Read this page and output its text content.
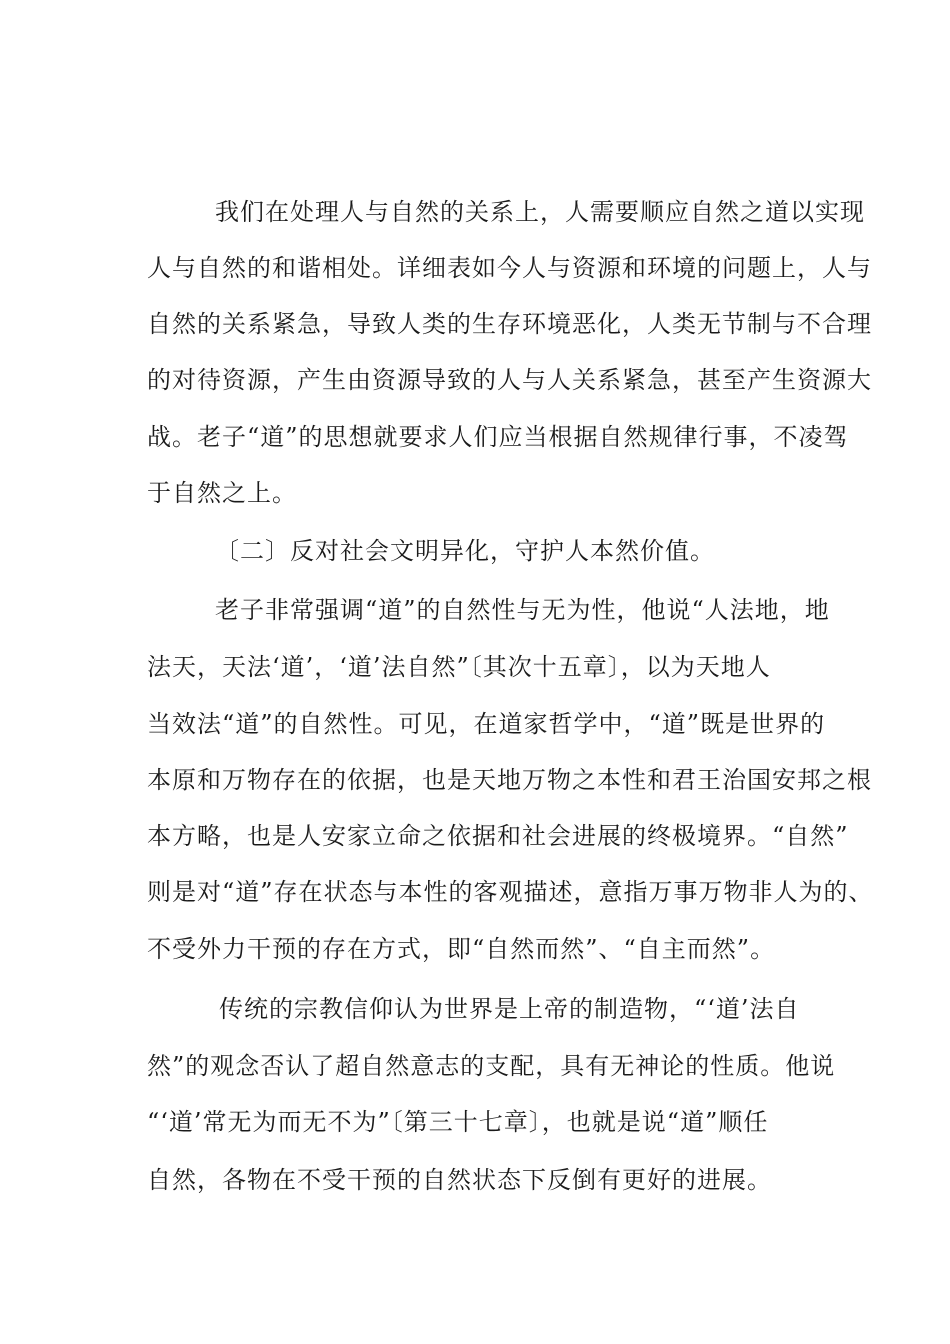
我们在处理人与自然的关系上，人需要顺应自然之道以实现
人与自然的和谐相处。详细表如今人与资源和环境的问题上，人与
自然的关系紧急，导致人类的生存环境恶化，人类无节制与不合理
的对待资源，产生由资源导致的人与人关系紧急，甚至产生资源大
战。老子“道”的思想就要求人们应当根据自然规律行事，不凌驾
于自然之上。
〔二〕反对社会文明异化，守护人本然价值。
老子非常强调“道”的自然性与无为性，他说“人法地，地
法天，天法‘道’，‘道’法自然”〔其次十五章〕，以为天地人
当效法“道”的自然性。可见，在道家哲学中，“道”既是世界的
本原和万物存在的依据，也是天地万物之本性和君王治国安邦之根
本方略，也是人安家立命之依据和社会进展的终极境界。“自然”
则是对“道”存在状态与本性的客观描述，意指万事万物非人为的、
不受外力干预的存在方式，即“自然而然”、“自主而然”。
传统的宗教信仰认为世界是上帝的制造物，“‘道’法自
然”的观念否认了超自然意志的支配，具有无神论的性质。他说
“‘道’常无为而无不为”〔第三十七章〕，也就是说“道”顺任
自然，各物在不受干预的自然状态下反倒有更好的进展。
